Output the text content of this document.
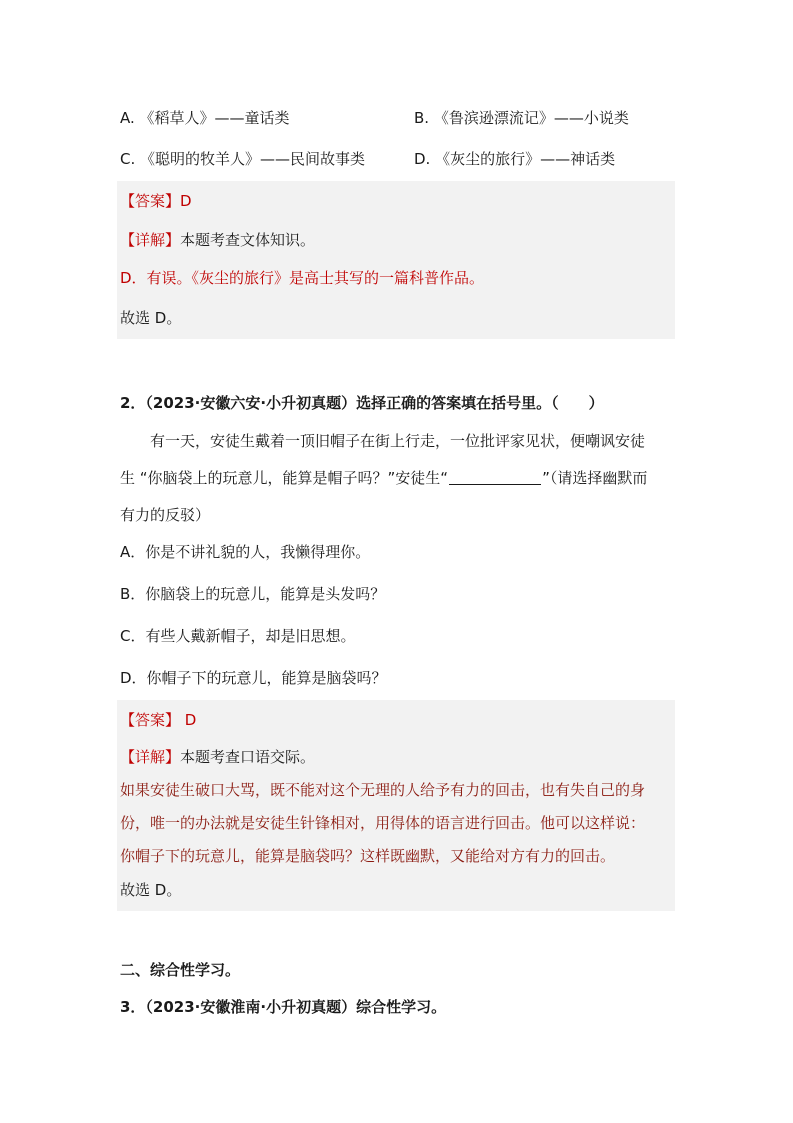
A. 《稻草人》——童话类	B. 《鲁滨逊漂流记》——小说类
C. 《聪明的牧羊人》——民间故事类	D. 《灰尘的旅行》——神话类
【答案】D
【详解】本题考查文体知识。
D．有误。《灰尘的旅行》是高士其写的一篇科普作品。
故选 D。
2．（2023·安徽六安·小升初真题）选择正确的答案填在括号里。（　　）
有一天，安徒生戴着一顶旧帽子在街上行走，一位批评家见状，便嘲讽安徒
生 “你脑袋上的玩意儿，能算是帽子吗？”安徒生“	”（请选择幽默而
有力的反驳）
A．你是不讲礼貌的人，我懒得理你。
B．你脑袋上的玩意儿，能算是头发吗？
C．有些人戴新帽子，却是旧思想。
D．你帽子下的玩意儿，能算是脑袋吗？
【答案】 D
【详解】本题考查口语交际。
如果安徒生破口大骂，既不能对这个无理的人给予有力的回击，也有失自己的身
份，唯一的办法就是安徒生针锋相对，用得体的语言进行回击。他可以这样说：
你帽子下的玩意儿，能算是脑袋吗？这样既幽默，又能给对方有力的回击。
故选 D。
二、综合性学习。
3．（2023·安徽淮南·小升初真题）综合性学习。
